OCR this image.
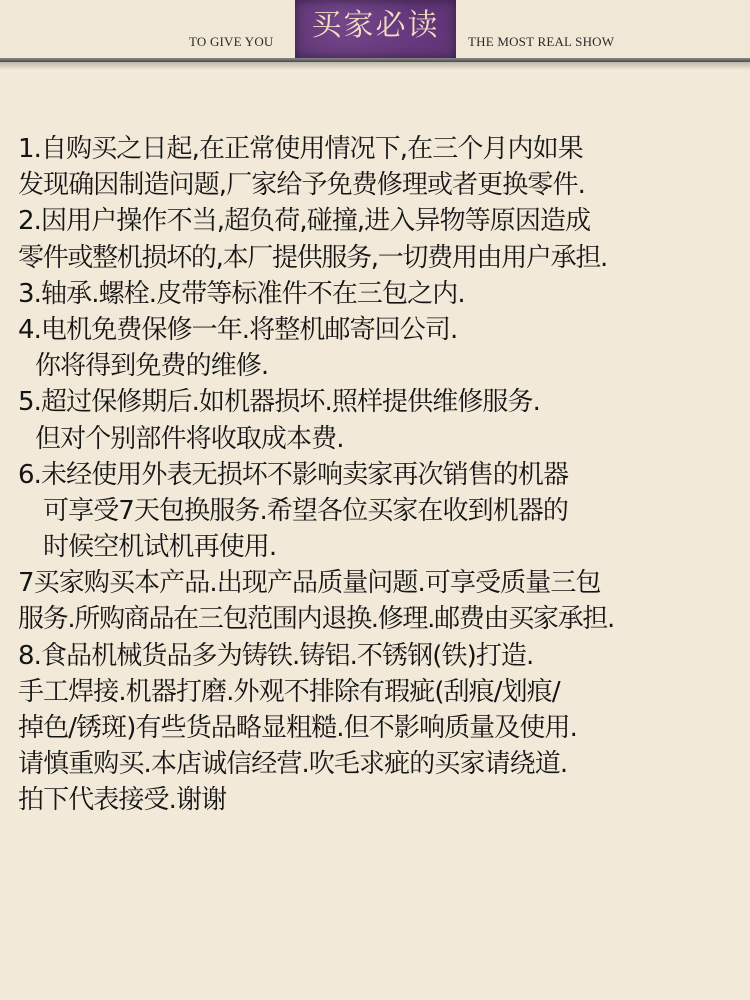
TO GIVE YOU	买家必读	THE MOST REAL SHOW
1.自购买之日起,在正常使用情况下,在三个月内如果
发现确因制造问题,厂家给予免费修理或者更换零件.
2.因用户操作不当,超负荷,碰撞,进入异物等原因造成
零件或整机损坏的,本厂提供服务,一切费用由用户承担.
3.轴承.螺栓.皮带等标准件不在三包之内.
4.电机免费保修一年.将整机邮寄回公司.
你将得到免费的维修.
5.超过保修期后.如机器损坏.照样提供维修服务.
但对个别部件将收取成本费.
6.未经使用外表无损坏不影响卖家再次销售的机器
可享受7天包换服务.希望各位买家在收到机器的
时候空机试机再使用.
7买家购买本产品.出现产品质量问题.可享受质量三包
服务.所购商品在三包范围内退换.修理.邮费由买家承担.
8.食品机械货品多为铸铁.铸铝.不锈钢(铁)打造.
手工焊接.机器打磨.外观不排除有瑕疵(刮痕/划痕/
掉色/锈斑)有些货品略显粗糙.但不影响质量及使用.
请慎重购买.本店诚信经营.吹毛求疵的买家请绕道.
拍下代表接受.谢谢
